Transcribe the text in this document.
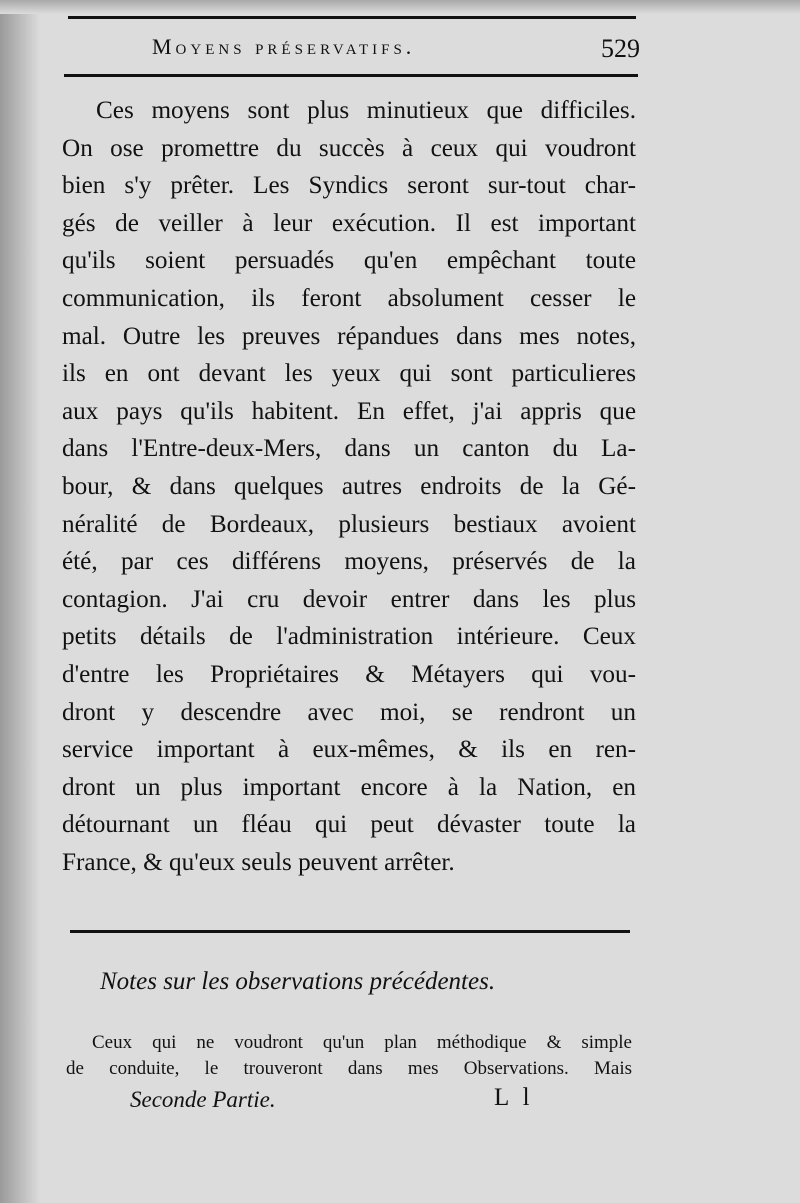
Moyens préservatifs.	529
Ces moyens sont plus minutieux que difficiles.
On ose promettre du succès à ceux qui voudront
bien s'y prêter. Les Syndics seront sur-tout char-
gés de veiller à leur exécution. Il est important
qu'ils soient persuadés qu'en empêchant toute
communication, ils feront absolument cesser le
mal. Outre les preuves répandues dans mes notes,
ils en ont devant les yeux qui sont particulieres
aux pays qu'ils habitent. En effet, j'ai appris que
dans l'Entre-deux-Mers, dans un canton du La-
bour, & dans quelques autres endroits de la Gé-
néralité de Bordeaux, plusieurs bestiaux avoient
été, par ces différens moyens, préservés de la
contagion. J'ai cru devoir entrer dans les plus
petits détails de l'administration intérieure. Ceux
d'entre les Propriétaires & Métayers qui vou-
dront y descendre avec moi, se rendront un
service important à eux-mêmes, & ils en ren-
dront un plus important encore à la Nation, en
détournant un fléau qui peut dévaster toute la
France, & qu'eux seuls peuvent arrêter.
Notes sur les observations précédentes.
Ceux qui ne voudront qu'un plan méthodique & simple
de conduite, le trouveront dans mes Observations. Mais
Seconde Partie.	L l
